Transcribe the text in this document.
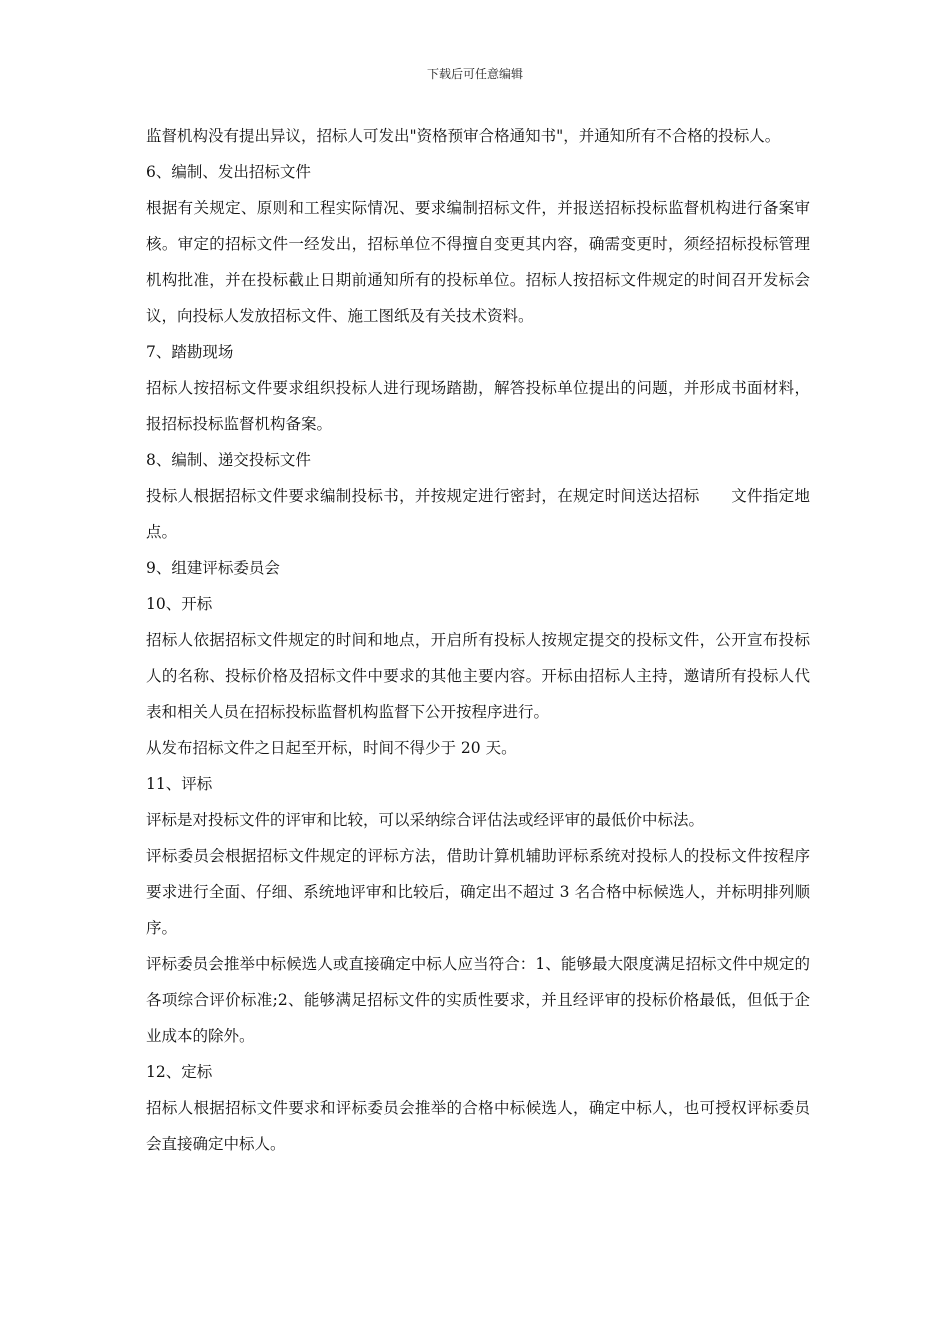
下载后可任意编辑

监督机构没有提出异议，招标人可发出"资格预审合格通知书"，并通知所有不合格的投标人。

6、编制、发出招标文件

根据有关规定、原则和工程实际情况、要求编制招标文件，并报送招标投标监督机构进行备案审核。审定的招标文件一经发出，招标单位不得擅自变更其内容，确需变更时，须经招标投标管理机构批准，并在投标截止日期前通知所有的投标单位。招标人按招标文件规定的时间召开发标会议，向投标人发放招标文件、施工图纸及有关技术资料。

7、踏勘现场

招标人按招标文件要求组织投标人进行现场踏勘，解答投标单位提出的问题，并形成书面材料，报招标投标监督机构备案。

8、编制、递交投标文件

投标人根据招标文件要求编制投标书，并按规定进行密封，在规定时间送达招标　　文件指定地点。

9、组建评标委员会

10、开标

招标人依据招标文件规定的时间和地点，开启所有投标人按规定提交的投标文件，公开宣布投标人的名称、投标价格及招标文件中要求的其他主要内容。开标由招标人主持，邀请所有投标人代表和相关人员在招标投标监督机构监督下公开按程序进行。

从发布招标文件之日起至开标，时间不得少于 20 天。

11、评标

评标是对投标文件的评审和比较，可以采纳综合评估法或经评审的最低价中标法。

评标委员会根据招标文件规定的评标方法，借助计算机辅助评标系统对投标人的投标文件按程序要求进行全面、仔细、系统地评审和比较后，确定出不超过 3 名合格中标候选人，并标明排列顺序。

评标委员会推举中标候选人或直接确定中标人应当符合：1、能够最大限度满足招标文件中规定的各项综合评价标准;2、能够满足招标文件的实质性要求，并且经评审的投标价格最低，但低于企业成本的除外。

12、定标

招标人根据招标文件要求和评标委员会推举的合格中标候选人，确定中标人，也可授权评标委员会直接确定中标人。
